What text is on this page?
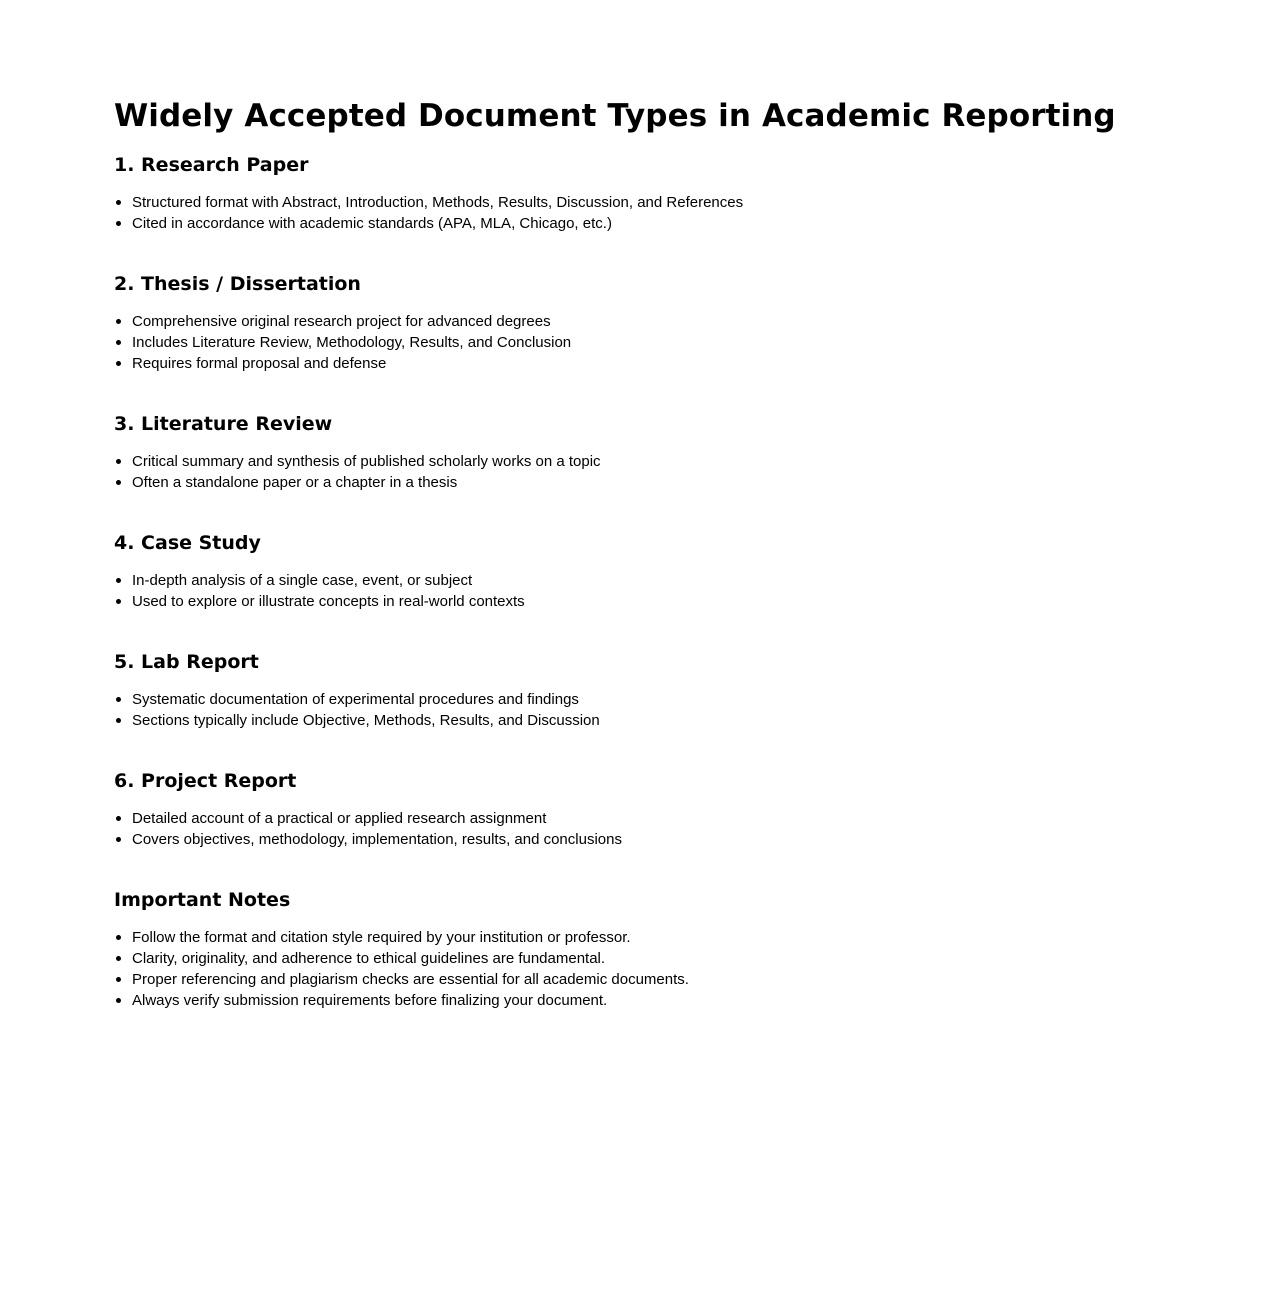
Widely Accepted Document Types in Academic Reporting
1. Research Paper
Structured format with Abstract, Introduction, Methods, Results, Discussion, and References
Cited in accordance with academic standards (APA, MLA, Chicago, etc.)
2. Thesis / Dissertation
Comprehensive original research project for advanced degrees
Includes Literature Review, Methodology, Results, and Conclusion
Requires formal proposal and defense
3. Literature Review
Critical summary and synthesis of published scholarly works on a topic
Often a standalone paper or a chapter in a thesis
4. Case Study
In-depth analysis of a single case, event, or subject
Used to explore or illustrate concepts in real-world contexts
5. Lab Report
Systematic documentation of experimental procedures and findings
Sections typically include Objective, Methods, Results, and Discussion
6. Project Report
Detailed account of a practical or applied research assignment
Covers objectives, methodology, implementation, results, and conclusions
Important Notes
Follow the format and citation style required by your institution or professor.
Clarity, originality, and adherence to ethical guidelines are fundamental.
Proper referencing and plagiarism checks are essential for all academic documents.
Always verify submission requirements before finalizing your document.
